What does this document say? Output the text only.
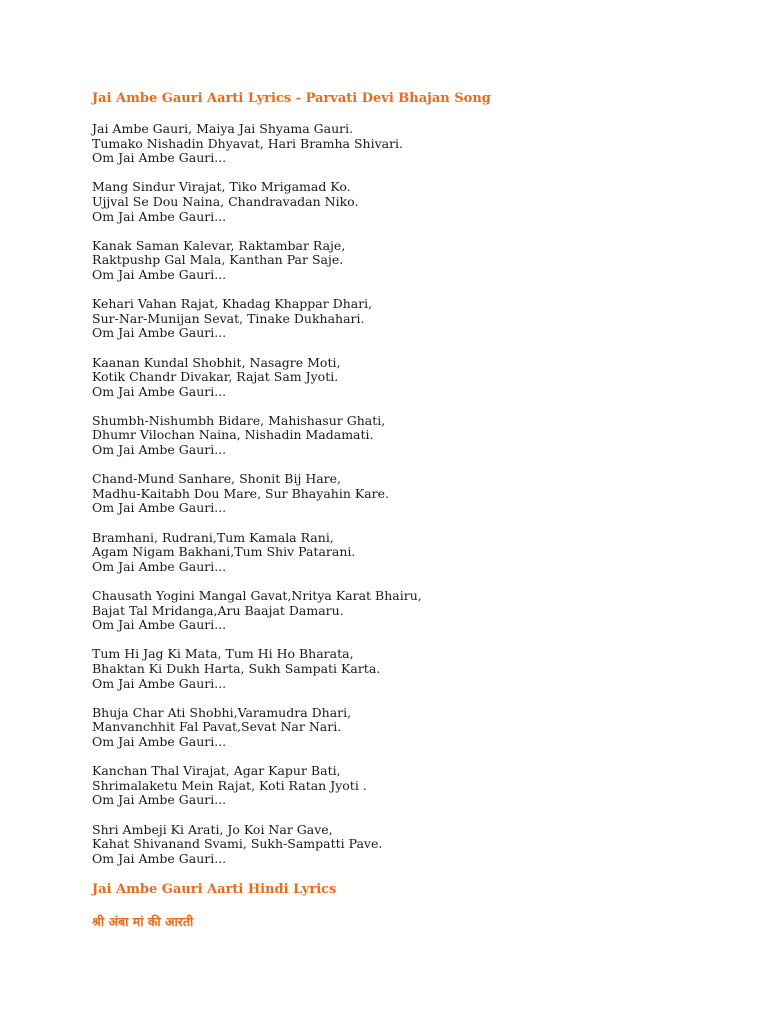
Jai Ambe Gauri Aarti Lyrics - Parvati Devi Bhajan Song

Jai Ambe Gauri, Maiya Jai Shyama Gauri.
Tumako Nishadin Dhyavat, Hari Bramha Shivari.
Om Jai Ambe Gauri...

Mang Sindur Virajat, Tiko Mrigamad Ko.
Ujjval Se Dou Naina, Chandravadan Niko.
Om Jai Ambe Gauri...

Kanak Saman Kalevar, Raktambar Raje,
Raktpushp Gal Mala, Kanthan Par Saje.
Om Jai Ambe Gauri...

Kehari Vahan Rajat, Khadag Khappar Dhari,
Sur-Nar-Munijan Sevat, Tinake Dukhahari.
Om Jai Ambe Gauri...

Kaanan Kundal Shobhit, Nasagre Moti,
Kotik Chandr Divakar, Rajat Sam Jyoti.
Om Jai Ambe Gauri...

Shumbh-Nishumbh Bidare, Mahishasur Ghati,
Dhumr Vilochan Naina, Nishadin Madamati.
Om Jai Ambe Gauri...

Chand-Mund Sanhare, Shonit Bij Hare,
Madhu-Kaitabh Dou Mare, Sur Bhayahin Kare.
Om Jai Ambe Gauri...

Bramhani, Rudrani,Tum Kamala Rani,
Agam Nigam Bakhani,Tum Shiv Patarani.
Om Jai Ambe Gauri...

Chausath Yogini Mangal Gavat,Nritya Karat Bhairu,
Bajat Tal Mridanga,Aru Baajat Damaru.
Om Jai Ambe Gauri...

Tum Hi Jag Ki Mata, Tum Hi Ho Bharata,
Bhaktan Ki Dukh Harta, Sukh Sampati Karta.
Om Jai Ambe Gauri...

Bhuja Char Ati Shobhi,Varamudra Dhari,
Manvanchhit Fal Pavat,Sevat Nar Nari.
Om Jai Ambe Gauri...

Kanchan Thal Virajat, Agar Kapur Bati,
Shrimalaketu Mein Rajat, Koti Ratan Jyoti .
Om Jai Ambe Gauri...

Shri Ambeji Ki Arati, Jo Koi Nar Gave,
Kahat Shivanand Svami, Sukh-Sampatti Pave.
Om Jai Ambe Gauri...

Jai Ambe Gauri Aarti Hindi Lyrics
श्री अंबा मां की आरती
